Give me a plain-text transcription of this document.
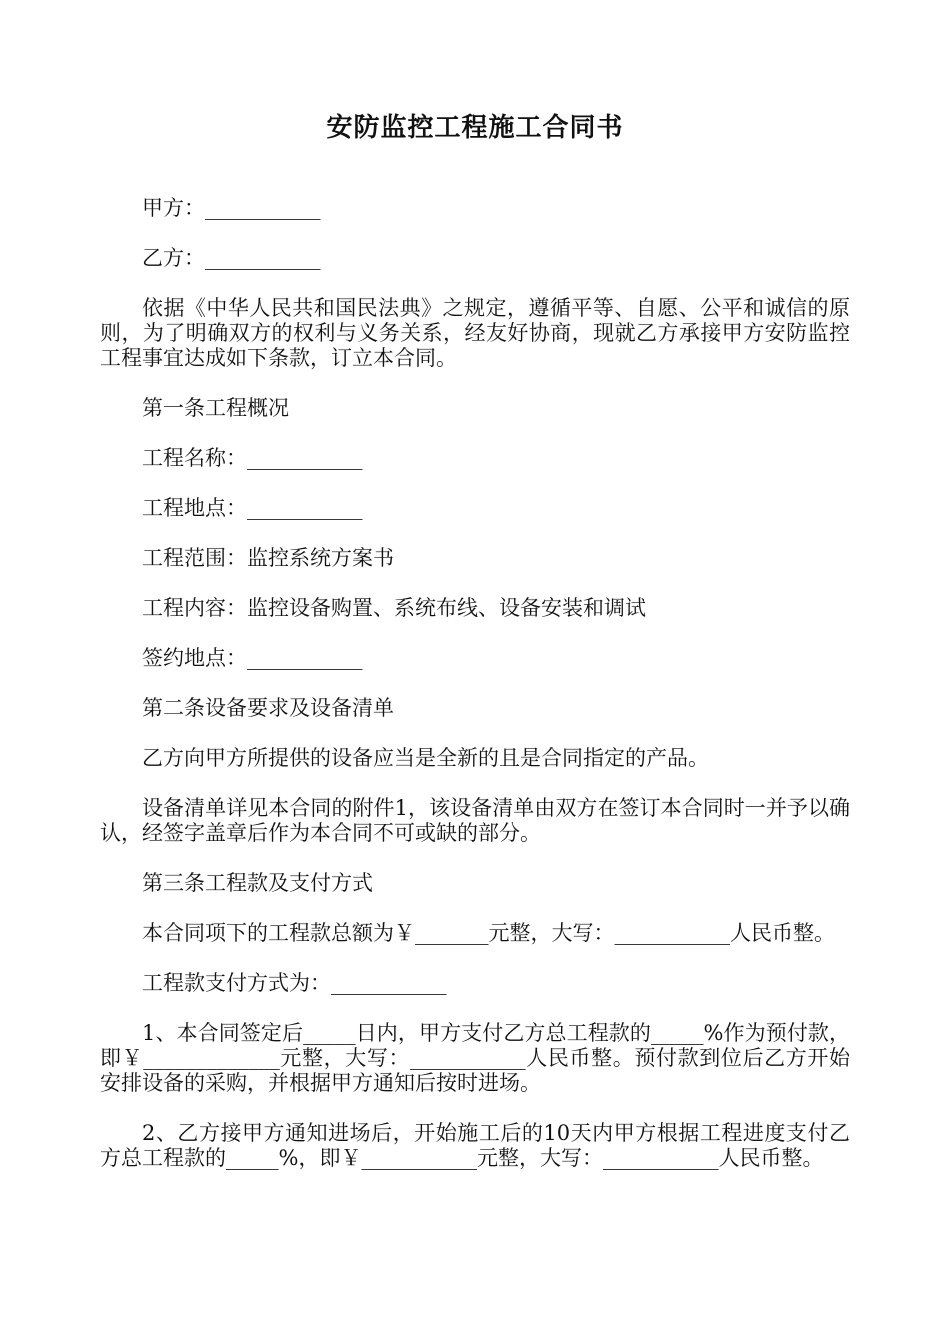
安防监控工程施工合同书

甲方：___________

乙方：___________

依据《中华人民共和国民法典》之规定，遵循平等、自愿、公平和诚信的原则，为了明确双方的权利与义务关系，经友好协商，现就乙方承接甲方安防监控工程事宜达成如下条款，订立本合同。

第一条工程概况

工程名称：___________

工程地点：___________

工程范围：监控系统方案书

工程内容：监控设备购置、系统布线、设备安装和调试

签约地点：___________

第二条设备要求及设备清单

乙方向甲方所提供的设备应当是全新的且是合同指定的产品。

设备清单详见本合同的附件1，该设备清单由双方在签订本合同时一并予以确认，经签字盖章后作为本合同不可或缺的部分。

第三条工程款及支付方式

本合同项下的工程款总额为￥_______元整，大写：___________人民币整。

工程款支付方式为：___________

1、本合同签定后_____日内，甲方支付乙方总工程款的_____%作为预付款，即￥_____________元整，大写：___________人民币整。预付款到位后乙方开始安排设备的采购，并根据甲方通知后按时进场。

2、乙方接甲方通知进场后，开始施工后的10天内甲方根据工程进度支付乙方总工程款的_____%，即￥___________元整，大写：___________人民币整。
